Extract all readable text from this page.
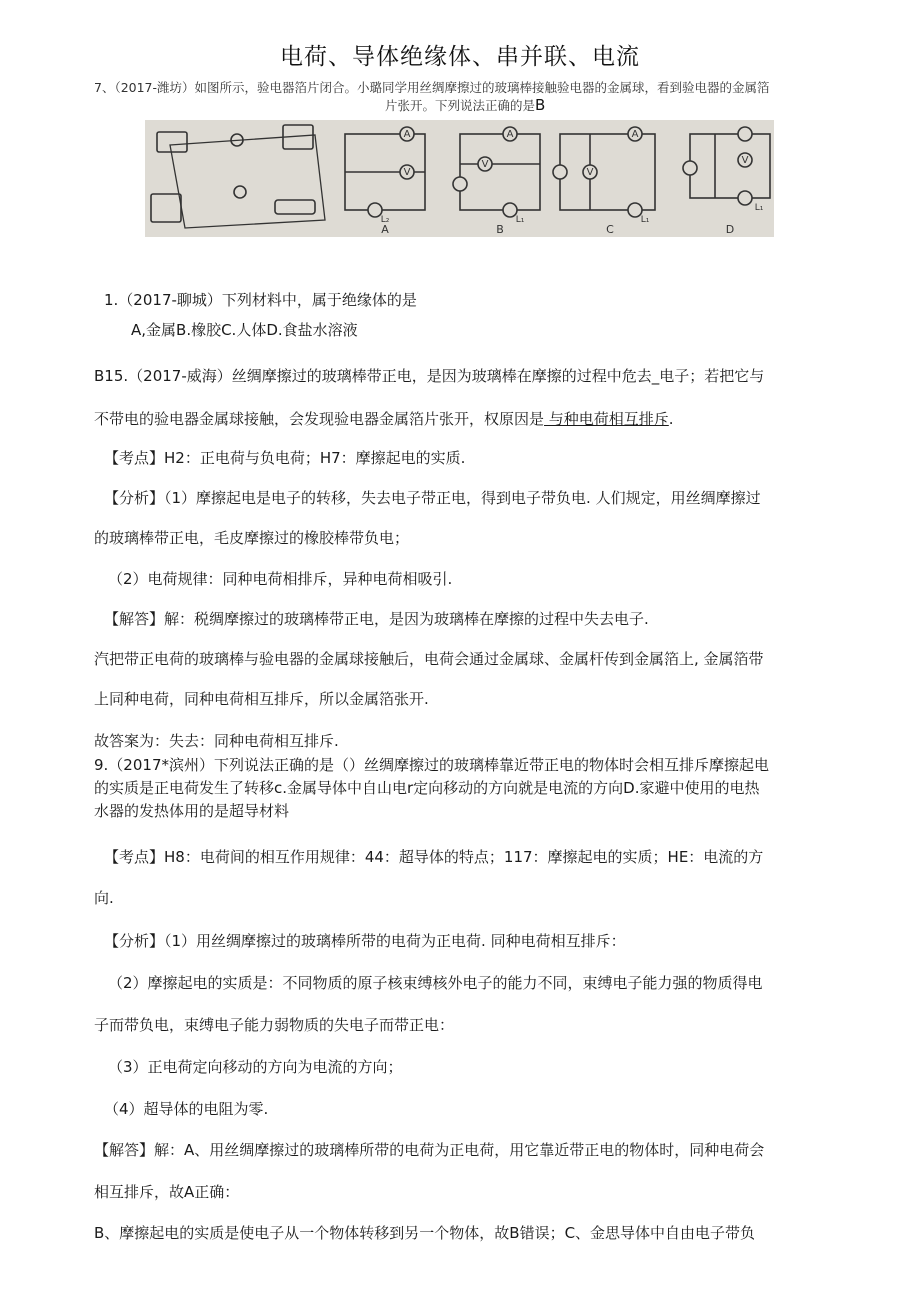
电荷、导体绝缘体、串并联、电流
7、（2017-潍坊）如图所示，验电器箔片闭合。小璐同学用丝绸摩擦过的玻璃棒接触验电器的金属球，看到验电器的金属箔
片张开。下列说法正确的是B
A
V
A
V
A
V
V
L₂	L₁	L₁
L₁
A	B	C	D
1.（2017-聊城）下列材料中，属于绝缘体的是
A,金属B.橡胶C.人体D.食盐水溶液
B15.（2017-威海）丝绸摩擦过的玻璃棒带正电，是因为玻璃棒在摩擦的过程中危去_电子；若把它与
不带电的验电器金属球接触，会发现验电器金属箔片张开，权原因是 与种电荷相互排斥.
【考点】H2：正电荷与负电荷；H7：摩擦起电的实质.
【分析】（1）摩擦起电是电子的转移，失去电子带正电，得到电子带负电. 人们规定，用丝绸摩擦过
的玻璃棒带正电，毛皮摩擦过的橡胶棒带负电；
（2）电荷规律：同种电荷相排斥，异种电荷相吸引.
【解答】解：税绸摩擦过的玻璃棒带正电，是因为玻璃棒在摩擦的过程中失去电子.
汽把带正电荷的玻璃棒与验电器的金属球接触后，电荷会通过金属球、金属杆传到金属箔上, 金属箔带
上同种电荷，同种电荷相互排斥，所以金属箔张开.
故答案为：失去：同种电荷相互排斥.
9.（2017*滨州）下列说法正确的是（）丝绸摩擦过的玻璃棒靠近带正电的物体时会相互排斥摩擦起电
的实质是正电荷发生了转移c.金属导体中自山电r定向移动的方向就是电流的方向D.家避中使用的电热
水器的发热体用的是超导材料
【考点】H8：电荷间的相互作用规律：44：超导体的特点；117：摩擦起电的实质；HE：电流的方
向.
【分析】（1）用丝绸摩擦过的玻璃棒所带的电荷为正电荷. 同种电荷相互排斥：
（2）摩擦起电的实质是：不同物质的原子核束缚核外电子的能力不同，束缚电子能力强的物质得电
子而带负电，束缚电子能力弱物质的失电子而带正电：
（3）正电荷定向移动的方向为电流的方向；
（4）超导体的电阻为零.
【解答】解：A、用丝绸摩擦过的玻璃棒所带的电荷为正电荷，用它靠近带正电的物体时，同种电荷会
相互排斥，故A正确：
B、摩擦起电的实质是使电子从一个物体转移到另一个物体，故B错误；C、金思导体中自由电子带负
